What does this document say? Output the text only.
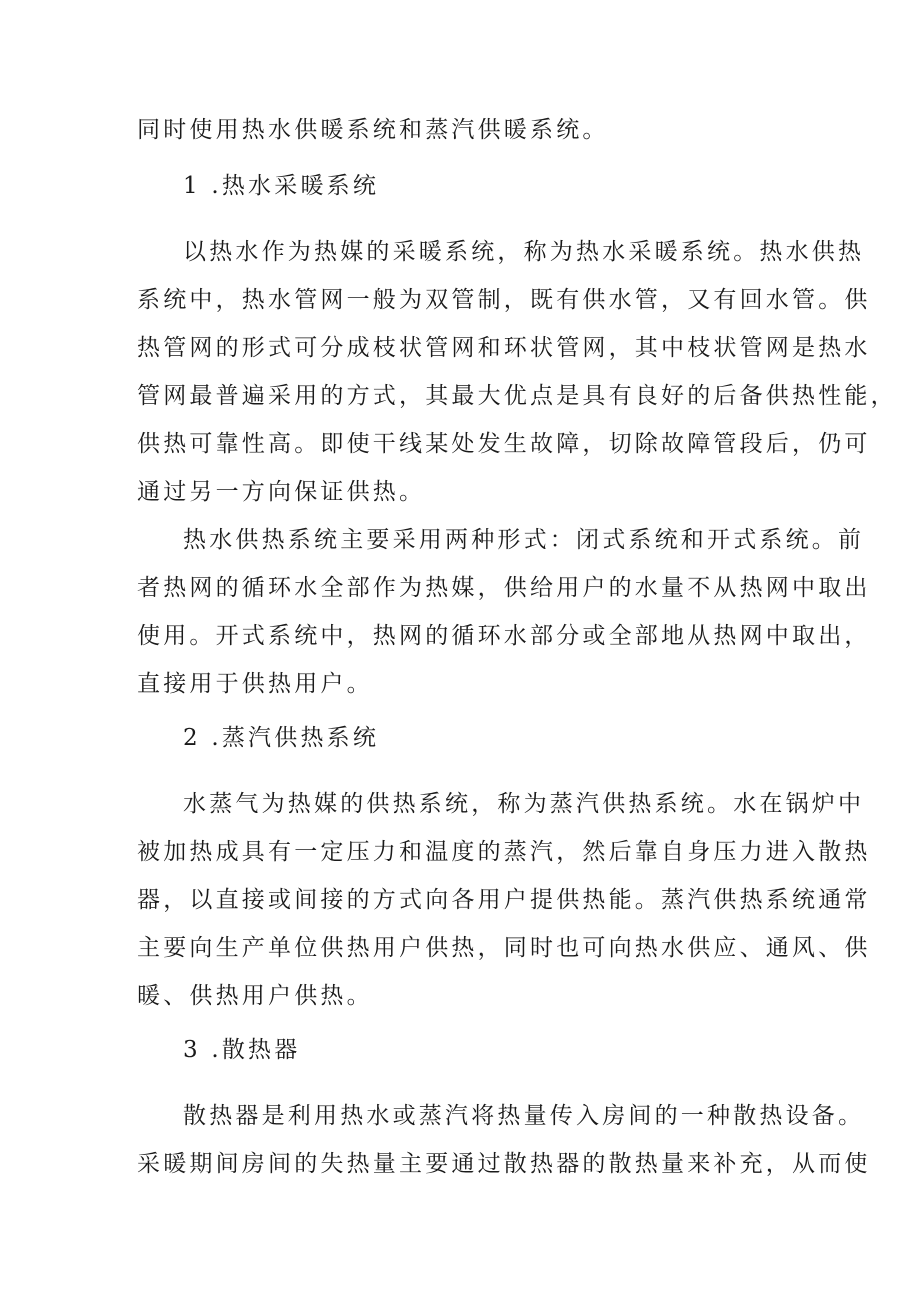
同时使用热水供暖系统和蒸汽供暖系统。
1 .热水采暖系统
以热水作为热媒的采暖系统，称为热水采暖系统。热水供热
系统中，热水管网一般为双管制，既有供水管，又有回水管。供
热管网的形式可分成枝状管网和环状管网，其中枝状管网是热水
管网最普遍采用的方式，其最大优点是具有良好的后备供热性能，
供热可靠性高。即使干线某处发生故障，切除故障管段后，仍可
通过另一方向保证供热。
热水供热系统主要采用两种形式：闭式系统和开式系统。前
者热网的循环水全部作为热媒，供给用户的水量不从热网中取出
使用。开式系统中，热网的循环水部分或全部地从热网中取出，
直接用于供热用户。
2 .蒸汽供热系统
水蒸气为热媒的供热系统，称为蒸汽供热系统。水在锅炉中
被加热成具有一定压力和温度的蒸汽，然后靠自身压力进入散热
器，以直接或间接的方式向各用户提供热能。蒸汽供热系统通常
主要向生产单位供热用户供热，同时也可向热水供应、通风、供
暖、供热用户供热。
3 .散热器
散热器是利用热水或蒸汽将热量传入房间的一种散热设备。
采暖期间房间的失热量主要通过散热器的散热量来补充，从而使
